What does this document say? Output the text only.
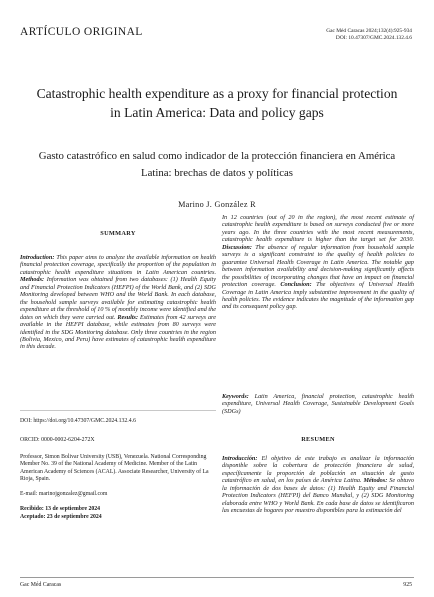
ARTÍCULO ORIGINAL	Gac Méd Caracas 2024;132(4):925-934
DOI: 10.47307/GMC.2024.132.4.6
Catastrophic health expenditure as a proxy for financial protection in Latin America: Data and policy gaps
Gasto catastrófico en salud como indicador de la protección financiera en América Latina: brechas de datos y políticas
Marino J. González R
SUMMARY
Introduction: This paper aims to analyze the available information on health financial protection coverage, specifically the proportion of the population in catastrophic health expenditure situations in Latin American countries. Methods: Information was obtained from two databases: (1) Health Equity and Financial Protection Indicators (HEFPI) of the World Bank, and (2) SDG Monitoring developed between WHO and the World Bank. In each database, the household sample surveys available for estimating catastrophic health expenditure at the threshold of 10 % of monthly income were identified and the dates on which they were carried out. Results: Estimates from 42 surveys are available in the HEFPI database, while estimates from 80 surveys were identified in the SDG Monitoring database. Only three countries in the region (Bolivia, Mexico, and Peru) have estimates of catastrophic health expenditure in this decade.
In 12 countries (out of 20 in the region), the most recent estimate of catastrophic health expenditure is based on surveys conducted five or more years ago. In the three countries with the most recent measurements, catastrophic health expenditure is higher than the target set for 2030. Discussion: The absence of regular information from household sample surveys is a significant constraint to the quality of health policies to guarantee Universal Health Coverage in Latin America. The notable gap between information availability and decision-making significantly affects the possibilities of incorporating changes that have an impact on financial protection coverage. Conclusion: The objectives of Universal Health Coverage in Latin America imply substantive improvement in the quality of health policies. The evidence indicates the magnitude of the information gap and its consequent policy gap.
Keywords: Latin America, financial protection, catastrophic health expenditure, Universal Health Coverage, Sustainable Development Goals (SDGs)
DOI: https://doi.org/10.47307/GMC.2024.132.4.6
ORCID: 0000-0002-6204-272X
Professor, Simon Bolivar University (USB), Venezuela. National Corresponding Member No. 39 of the National Academy of Medicine. Member of the Latin American Academy of Sciences (ACAL). Associate Researcher, University of La Rioja, Spain.
E-mail: marinojgonzalez@gmail.com
Recibido: 13 de septiembre 2024
Aceptado: 23 de septiembre 2024
RESUMEN
Introducción: El objetivo de este trabajo es analizar la información disponible sobre la cobertura de protección financiera de salud, específicamente la proporción de población en situación de gasto catastrófico en salud, en los países de América Latina. Métodos: Se obtuvo la información de dos bases de datos: (1) Health Equity and Financial Protection Indicators (HEFPI) del Banco Mundial, y (2) SDG Monitoring elaborada entre WHO y World Bank. En cada base de datos se identificaron las encuestas de hogares por muestro disponibles para la estimación del
Gac Méd Caracas	925
